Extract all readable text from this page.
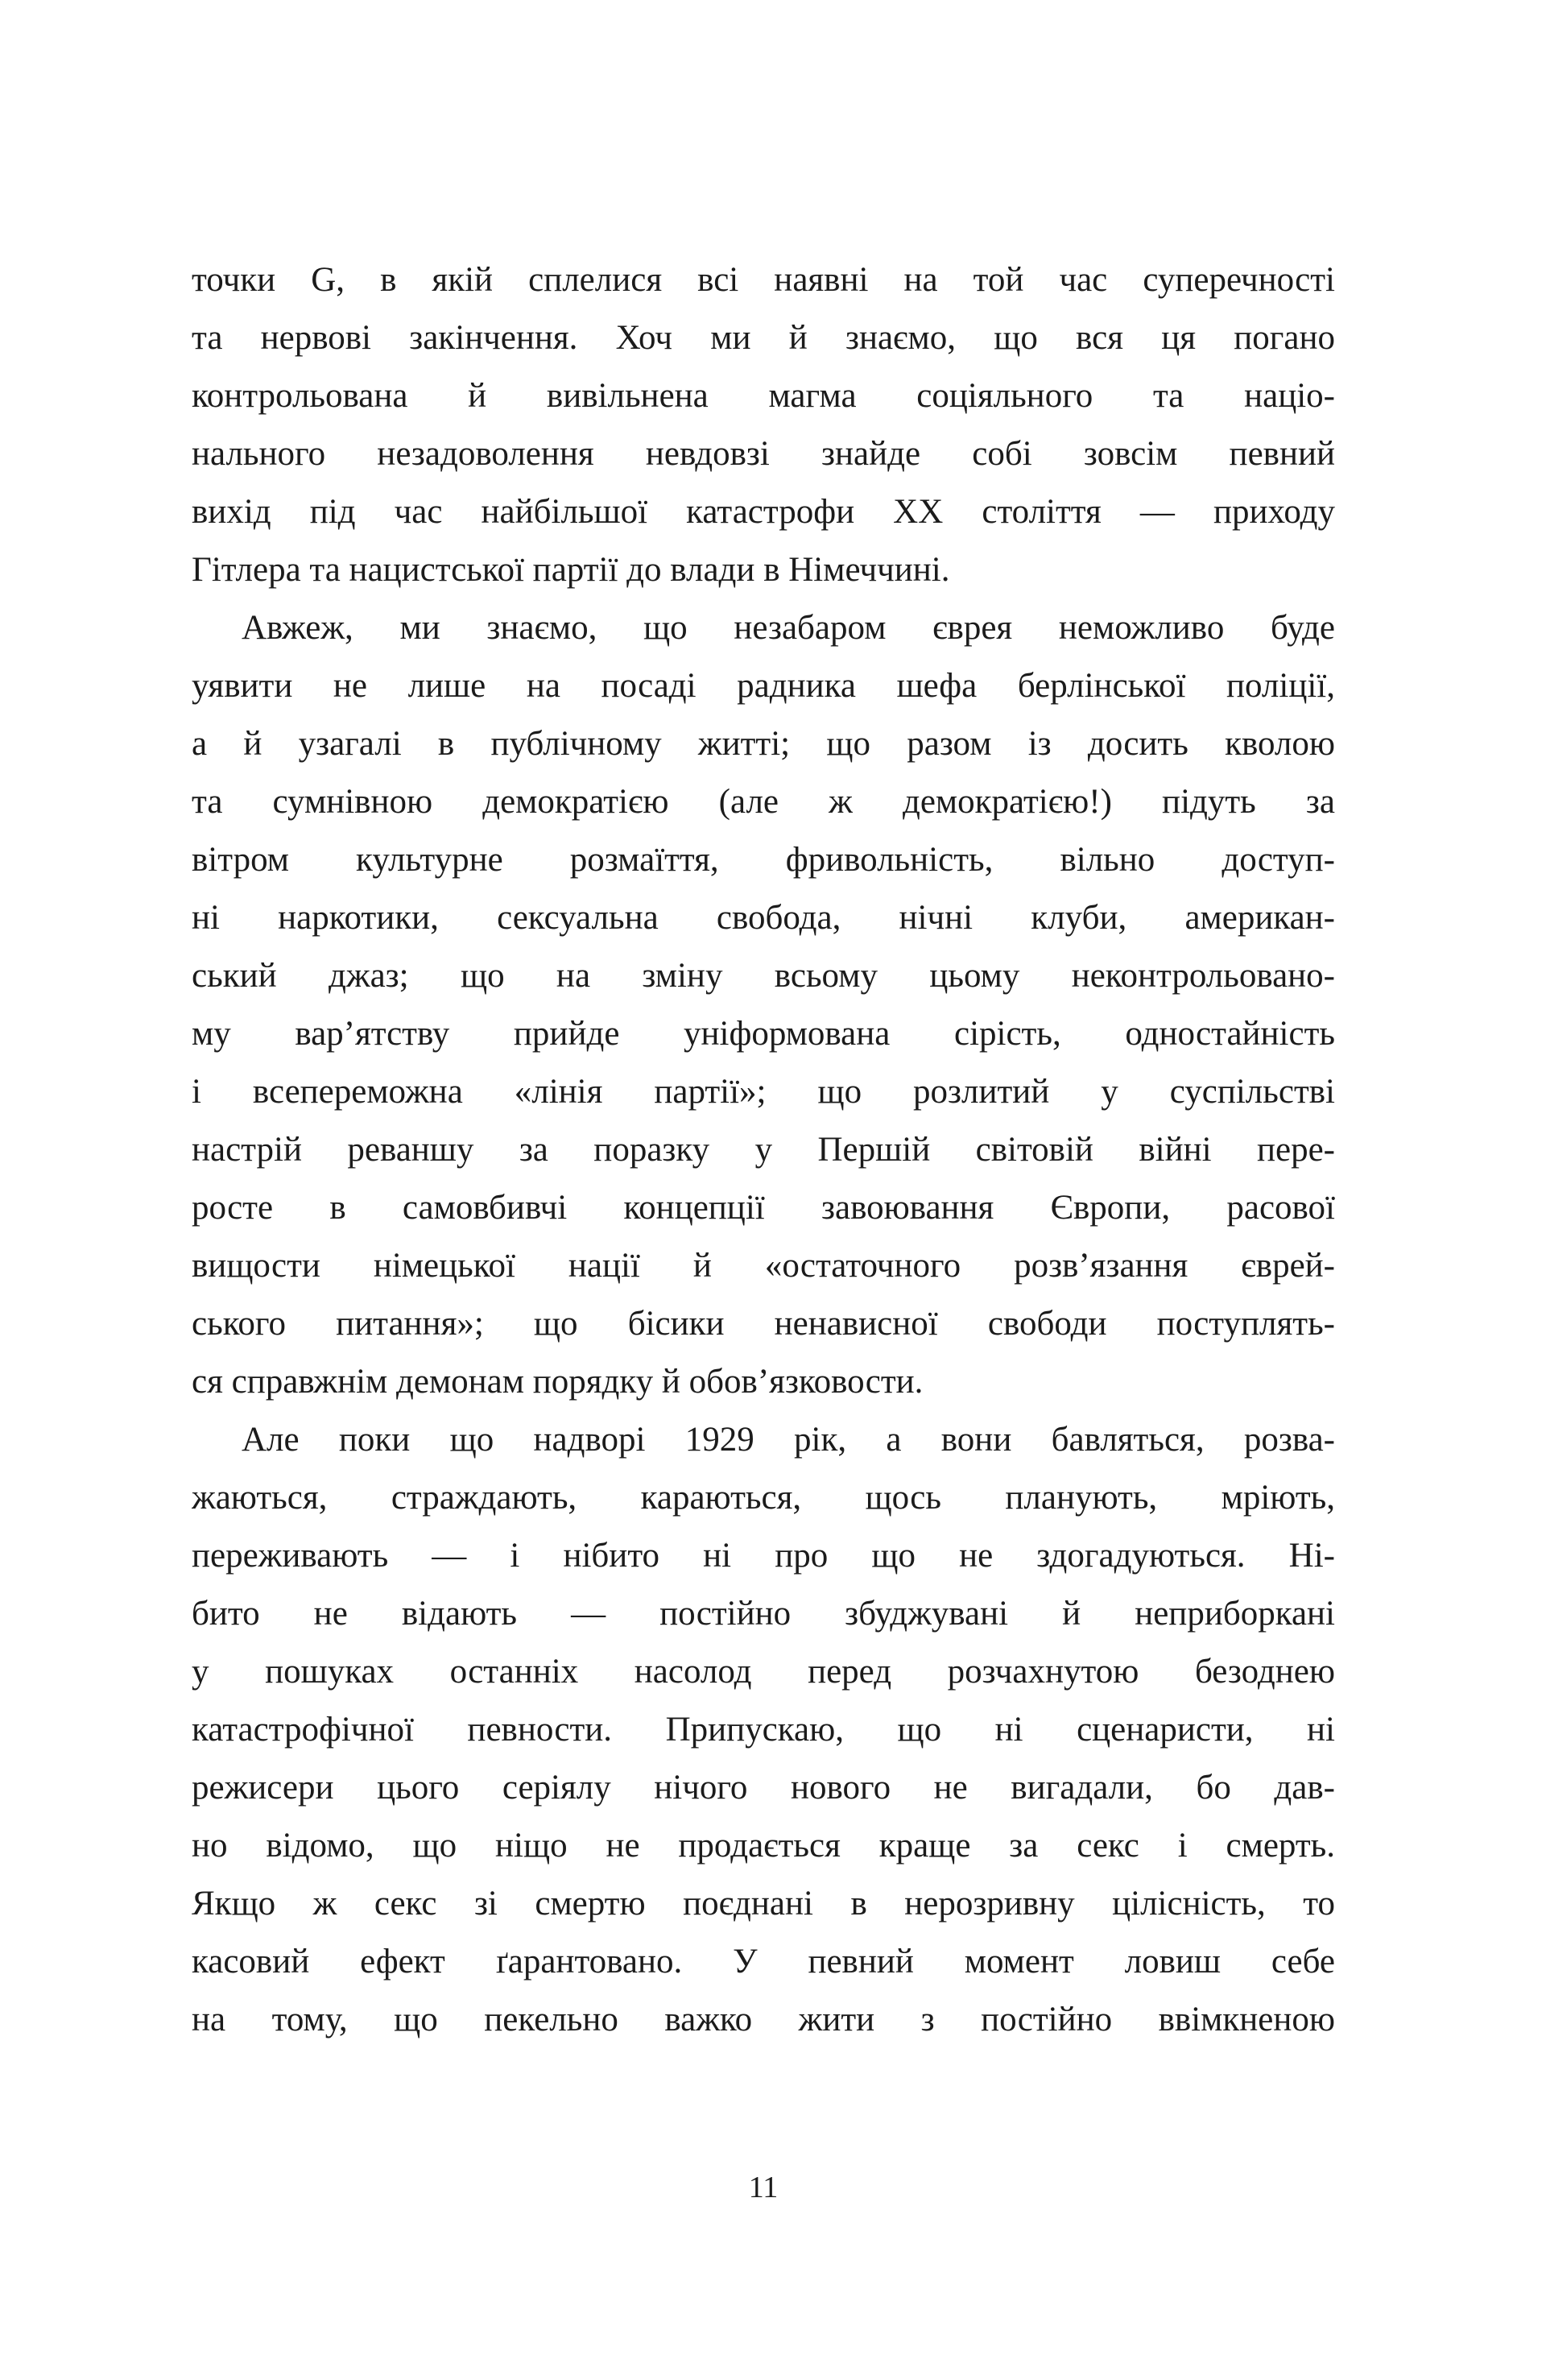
точки G, в якій сплелися всі наявні на той час суперечності
та нервові закінчення. Хоч ми й знаємо, що вся ця погано
контрольована й вивільнена магма соціяльного та націо-
нального незадоволення невдовзі знайде собі зовсім певний
вихід під час найбільшої катастрофи XX століття — приходу
Гітлера та нацистської партії до влади в Німеччині.
Авжеж, ми знаємо, що незабаром єврея неможливо буде
уявити не лише на посаді радника шефа берлінської поліції,
а й узагалі в публічному житті; що разом із досить кволою
та сумнівною демократією (але ж демократією!) підуть за
вітром культурне розмаїття, фривольність, вільно доступ-
ні наркотики, сексуальна свобода, нічні клуби, американ-
ський джаз; що на зміну всьому цьому неконтрольовано-
му вар’ятству прийде уніформована сірість, одностайність
і всепереможна «лінія партії»; що розлитий у суспільстві
настрій реваншу за поразку у Першій світовій війні пере-
росте в самовбивчі концепції завоювання Європи, расової
вищости німецької нації й «остаточного розв’язання єврей-
ського питання»; що бісики ненависної свободи поступлять-
ся справжнім демонам порядку й обов’язковости.
Але поки що надворі 1929 рік, а вони бавляться, розва-
жаються, страждають, караються, щось планують, мріють,
переживають — і нібито ні про що не здогадуються. Ні-
бито не відають — постійно збуджувані й неприборкані
у пошуках останніх насолод перед розчахнутою безоднею
катастрофічної певности. Припускаю, що ні сценаристи, ні
режисери цього серіялу нічого нового не вигадали, бо дав-
но відомо, що ніщо не продається краще за секс і смерть.
Якщо ж секс зі смертю поєднані в нерозривну цілісність, то
касовий ефект ґарантовано. У певний момент ловиш себе
на тому, що пекельно важко жити з постійно ввімкненою
11
